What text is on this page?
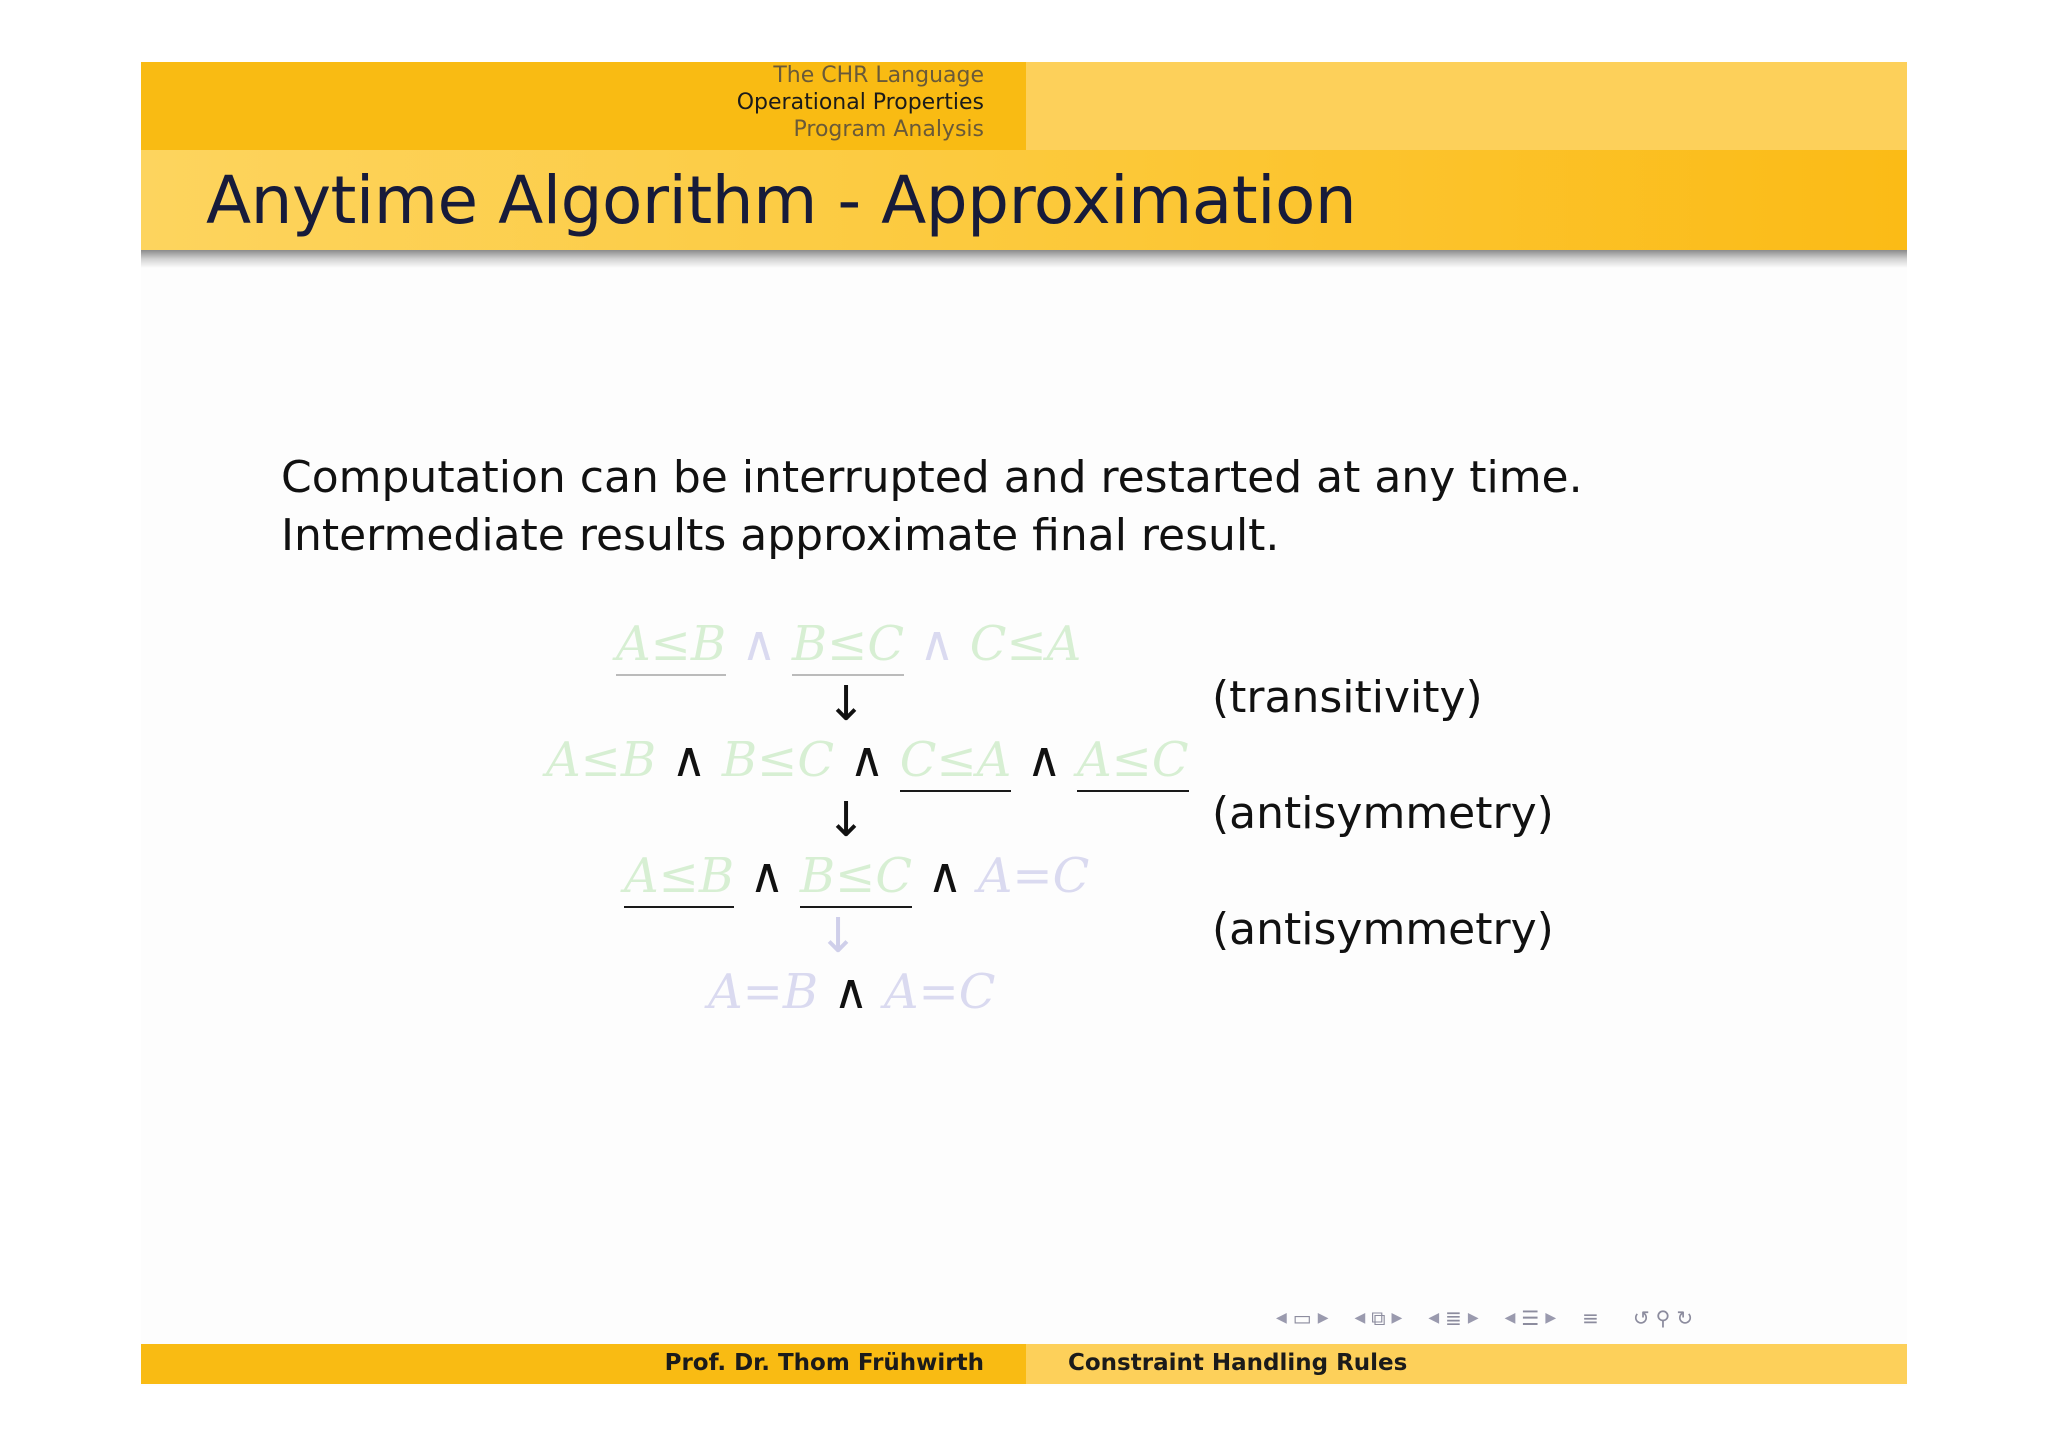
The CHR Language
Operational Properties
Program Analysis
Anytime Algorithm - Approximation
Computation can be interrupted and restarted at any time.
Intermediate results approximate final result.
A≤B ∧ B≤C ∧ C≤A
↓	(transitivity)
A≤B ∧ B≤C ∧ C≤A ∧ A≤C
↓	(antisymmetry)
A≤B ∧ B≤C ∧ A=C
↓	(antisymmetry)
A=B ∧ A=C
◀ ▭ ▶ ◀ ⧉ ▶ ◀ ≣ ▶ ◀ ☰ ▶ ≡ ↺ ⚲ ↻
Prof. Dr. Thom Frühwirth	Constraint Handling Rules
